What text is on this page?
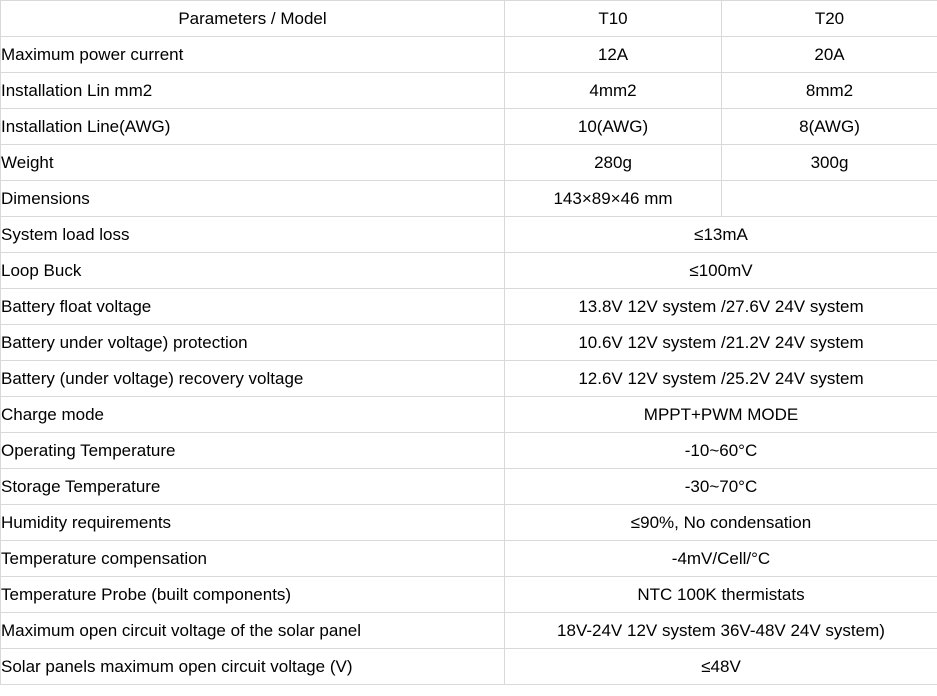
Parameters / Model	T10	T20
Maximum power current	12A	20A
Installation Lin mm2	4mm2	8mm2
Installation Line(AWG)	10(AWG)	8(AWG)
Weight	280g	300g
Dimensions	143×89×46 mm	
System load loss	≤13mA	
Loop Buck	≤100mV	
Battery float voltage	13.8V 12V system /27.6V 24V system	
Battery under voltage) protection	10.6V 12V system /21.2V 24V system	
Battery (under voltage) recovery voltage	12.6V 12V system /25.2V 24V system	
Charge mode	MPPT+PWM MODE	
Operating Temperature	-10~60°C	
Storage Temperature	-30~70°C	
Humidity requirements	≤90%, No condensation	
Temperature compensation	-4mV/Cell/°C	
Temperature Probe (built components)	NTC 100K thermistats	
Maximum open circuit voltage of the solar panel	18V-24V 12V system 36V-48V 24V system)	
Solar panels maximum open circuit voltage (V)	≤48V	
